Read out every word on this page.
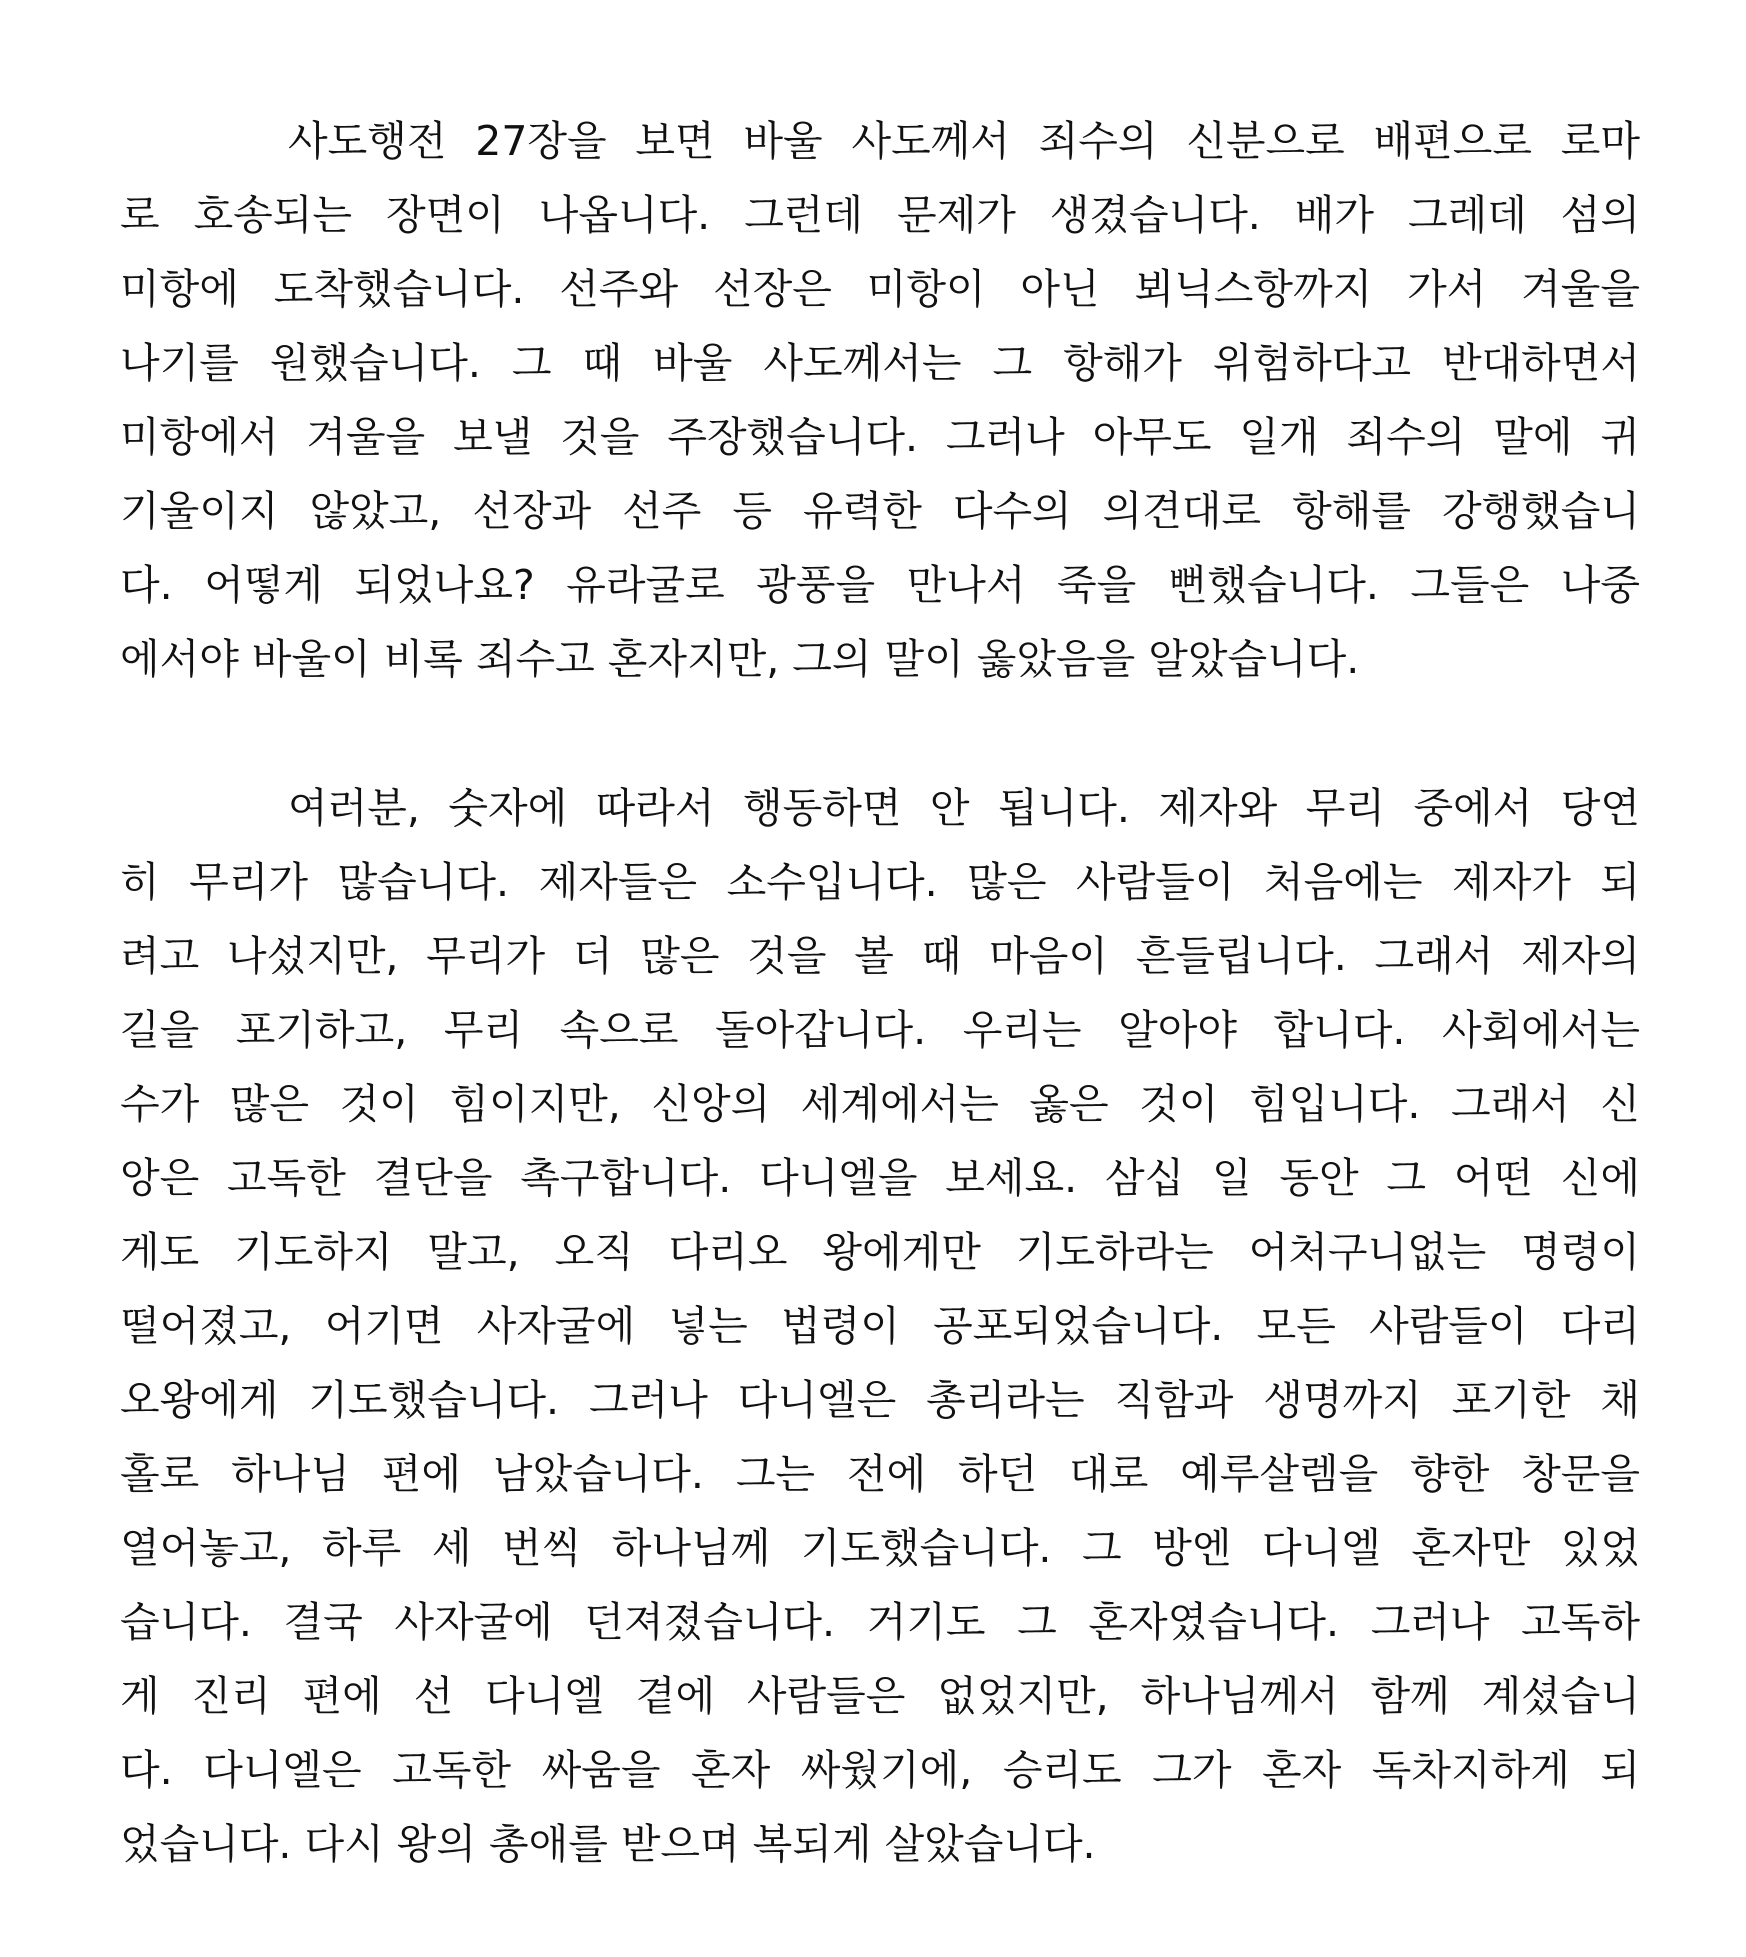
사도행전 27장을 보면 바울 사도께서 죄수의 신분으로 배편으로 로마
로 호송되는 장면이 나옵니다. 그런데 문제가 생겼습니다. 배가 그레데 섬의
미항에 도착했습니다. 선주와 선장은 미항이 아닌 뵈닉스항까지 가서 겨울을
나기를 원했습니다. 그 때 바울 사도께서는 그 항해가 위험하다고 반대하면서
미항에서 겨울을 보낼 것을 주장했습니다. 그러나 아무도 일개 죄수의 말에 귀
기울이지 않았고, 선장과 선주 등 유력한 다수의 의견대로 항해를 강행했습니
다. 어떻게 되었나요? 유라굴로 광풍을 만나서 죽을 뻔했습니다. 그들은 나중
에서야 바울이 비록 죄수고 혼자지만, 그의 말이 옳았음을 알았습니다.
여러분, 숫자에 따라서 행동하면 안 됩니다. 제자와 무리 중에서 당연
히 무리가 많습니다. 제자들은 소수입니다. 많은 사람들이 처음에는 제자가 되
려고 나섰지만, 무리가 더 많은 것을 볼 때 마음이 흔들립니다. 그래서 제자의
길을 포기하고, 무리 속으로 돌아갑니다. 우리는 알아야 합니다. 사회에서는
수가 많은 것이 힘이지만, 신앙의 세계에서는 옳은 것이 힘입니다. 그래서 신
앙은 고독한 결단을 촉구합니다. 다니엘을 보세요. 삼십 일 동안 그 어떤 신에
게도 기도하지 말고, 오직 다리오 왕에게만 기도하라는 어처구니없는 명령이
떨어졌고, 어기면 사자굴에 넣는 법령이 공포되었습니다. 모든 사람들이 다리
오왕에게 기도했습니다. 그러나 다니엘은 총리라는 직함과 생명까지 포기한 채
홀로 하나님 편에 남았습니다. 그는 전에 하던 대로 예루살렘을 향한 창문을
열어놓고, 하루 세 번씩 하나님께 기도했습니다. 그 방엔 다니엘 혼자만 있었
습니다. 결국 사자굴에 던져졌습니다. 거기도 그 혼자였습니다. 그러나 고독하
게 진리 편에 선 다니엘 곁에 사람들은 없었지만, 하나님께서 함께 계셨습니
다. 다니엘은 고독한 싸움을 혼자 싸웠기에, 승리도 그가 혼자 독차지하게 되
었습니다. 다시 왕의 총애를 받으며 복되게 살았습니다.
